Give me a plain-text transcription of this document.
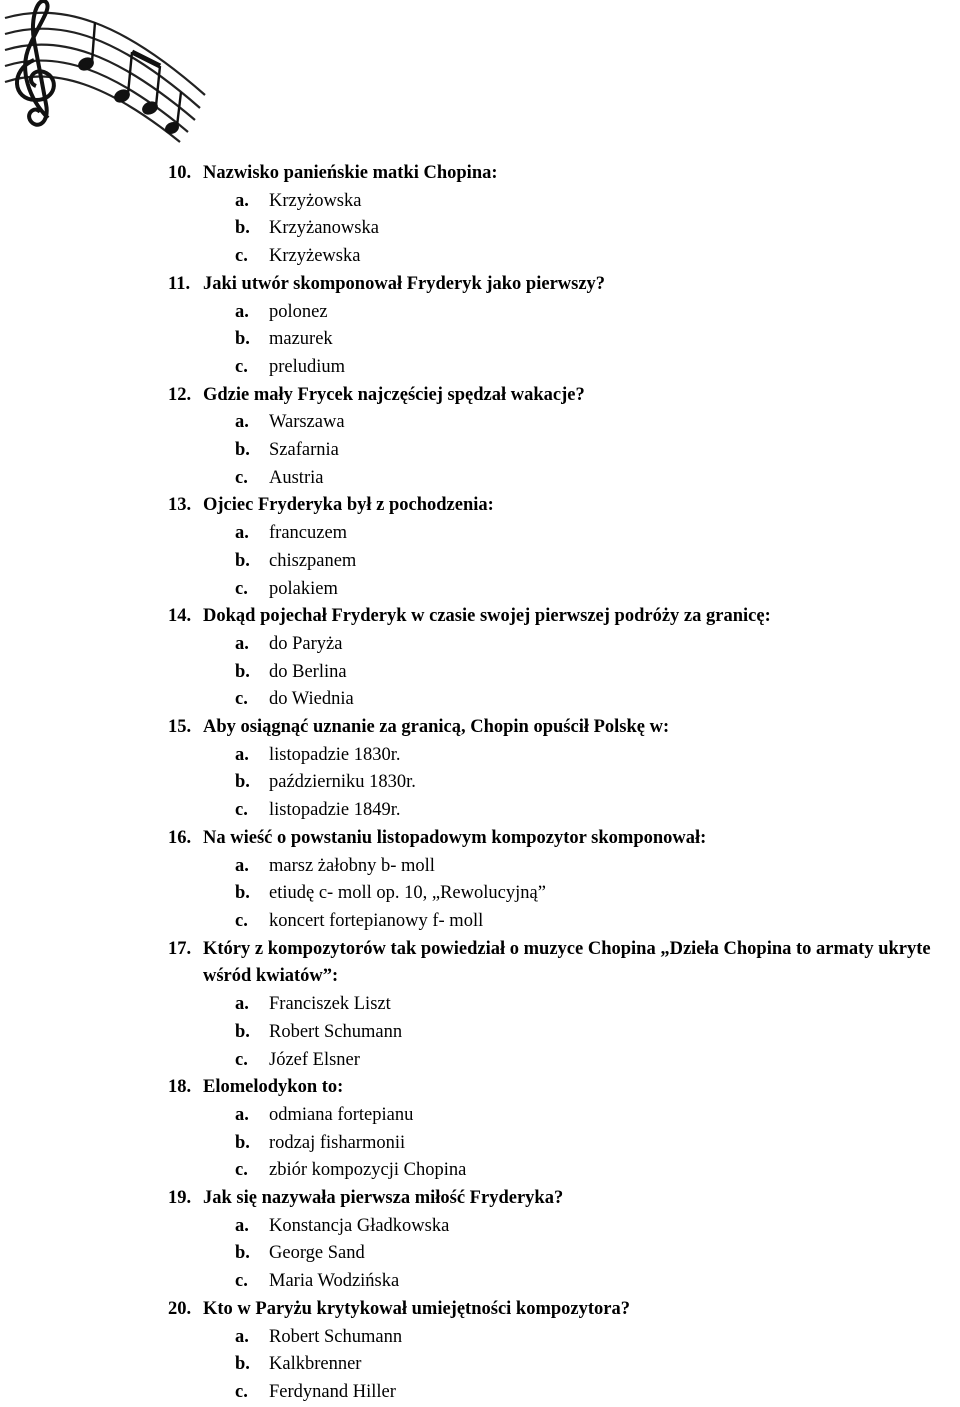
10. Nazwisko panieńskie matki Chopina:
a. Krzyżowska
b. Krzyżanowska
c. Krzyżewska
11. Jaki utwór skomponował Fryderyk jako pierwszy?
a. polonez
b. mazurek
c. preludium
12. Gdzie mały Frycek najczęściej spędzał wakacje?
a. Warszawa
b. Szafarnia
c. Austria
13. Ojciec Fryderyka był z pochodzenia:
a. francuzem
b. chiszpanem
c. polakiem
14. Dokąd pojechał Fryderyk w czasie swojej pierwszej podróży za granicę:
a. do Paryża
b. do Berlina
c. do Wiednia
15. Aby osiągnąć uznanie za granicą, Chopin opuścił Polskę w:
a. listopadzie 1830r.
b. październiku 1830r.
c. listopadzie 1849r.
16. Na wieść o powstaniu listopadowym kompozytor skomponował:
a. marsz żałobny b- moll
b. etiudę c- moll op. 10, „Rewolucyjną”
c. koncert fortepianowy f- moll
17. Który z kompozytorów tak powiedział o muzyce Chopina „Dzieła Chopina to armaty ukryte wśród kwiatów”:
a. Franciszek Liszt
b. Robert Schumann
c. Józef Elsner
18. Elomelodykon to:
a. odmiana fortepianu
b. rodzaj fisharmonii
c. zbiór kompozycji Chopina
19. Jak się nazywała pierwsza miłość Fryderyka?
a. Konstancja Gładkowska
b. George Sand
c. Maria Wodzińska
20. Kto w Paryżu krytykował umiejętności kompozytora?
a. Robert Schumann
b. Kalkbrenner
c. Ferdynand Hiller
